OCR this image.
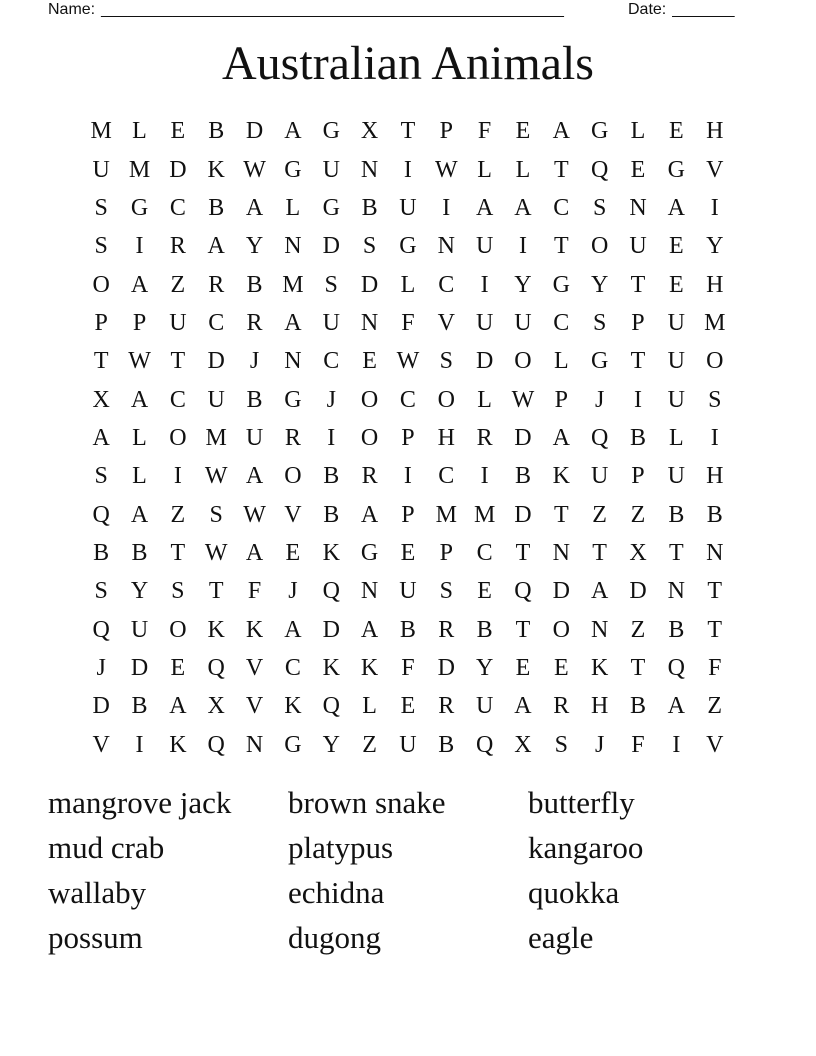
Name: ____________________________________________________	Date: _______
Australian Animals
M	L	E	B	D	A	G	X	T	P	F	E	A	G	L	E	H
U	M	D	K	W	G	U	N	I	W	L	L	T	Q	E	G	V
S	G	C	B	A	L	G	B	U	I	A	A	C	S	N	A	I
S	I	R	A	Y	N	D	S	G	N	U	I	T	O	U	E	Y
O	A	Z	R	B	M	S	D	L	C	I	Y	G	Y	T	E	H
P	P	U	C	R	A	U	N	F	V	U	U	C	S	P	U	M
T	W	T	D	J	N	C	E	W	S	D	O	L	G	T	U	O
X	A	C	U	B	G	J	O	C	O	L	W	P	J	I	U	S
A	L	O	M	U	R	I	O	P	H	R	D	A	Q	B	L	I
S	L	I	W	A	O	B	R	I	C	I	B	K	U	P	U	H
Q	A	Z	S	W	V	B	A	P	M	M	D	T	Z	Z	B	B
B	B	T	W	A	E	K	G	E	P	C	T	N	T	X	T	N
S	Y	S	T	F	J	Q	N	U	S	E	Q	D	A	D	N	T
Q	U	O	K	K	A	D	A	B	R	B	T	O	N	Z	B	T
J	D	E	Q	V	C	K	K	F	D	Y	E	E	K	T	Q	F
D	B	A	X	V	K	Q	L	E	R	U	A	R	H	B	A	Z
V	I	K	Q	N	G	Y	Z	U	B	Q	X	S	J	F	I	V
mangrove jack	brown snake	butterfly
mud crab	platypus	kangaroo
wallaby	echidna	quokka
possum	dugong	eagle
